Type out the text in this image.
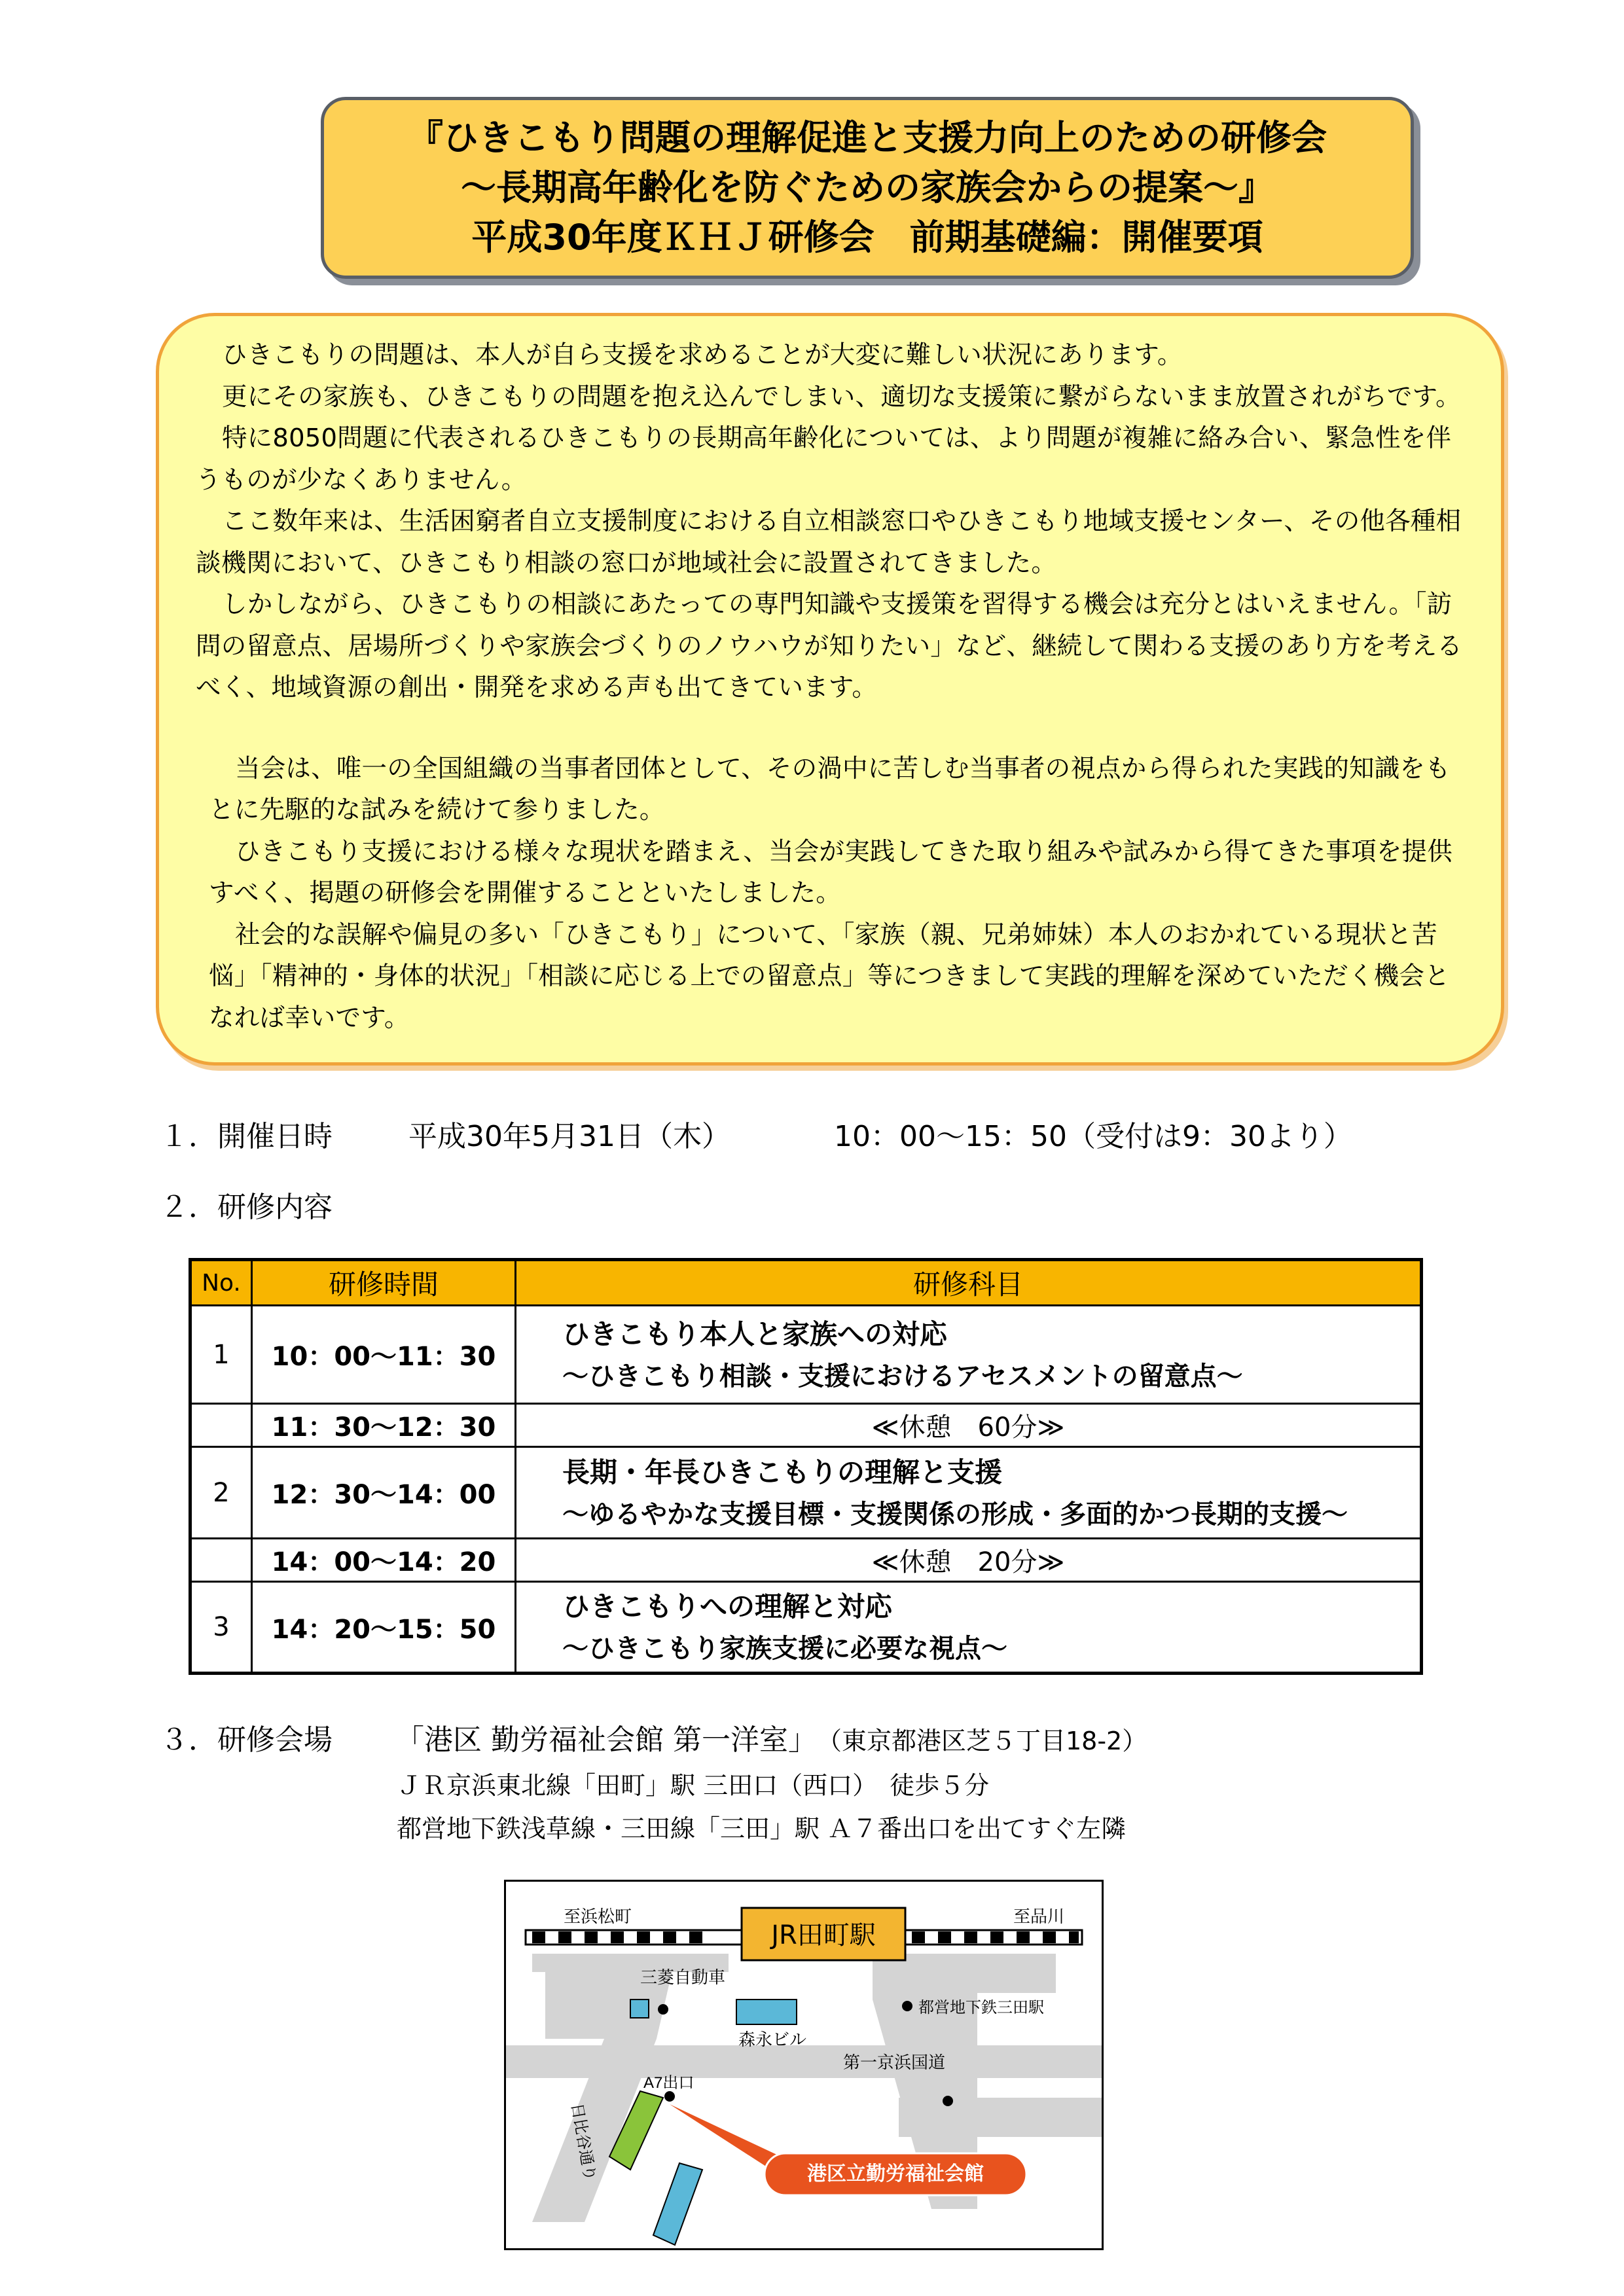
『ひきこもり問題の理解促進と支援力向上のための研修会
〜長期高年齢化を防ぐための家族会からの提案〜』
平成30年度ＫＨＪ研修会　前期基礎編：開催要項

ひきこもりの問題は、本人が自ら支援を求めることが大変に難しい状況にあります。

更にその家族も、ひきこもりの問題を抱え込んでしまい、適切な支援策に繋がらないまま放置されがちです。

特に8050問題に代表されるひきこもりの長期高年齢化については、より問題が複雑に絡み合い、緊急性を伴うものが少なくありません。

ここ数年来は、生活困窮者自立支援制度における自立相談窓口やひきこもり地域支援センター、その他各種相談機関において、ひきこもり相談の窓口が地域社会に設置されてきました。

しかしながら、ひきこもりの相談にあたっての専門知識や支援策を習得する機会は充分とはいえません。「訪問の留意点、居場所づくりや家族会づくりのノウハウが知りたい」など、継続して関わる支援のあり方を考えるべく、地域資源の創出・開発を求める声も出てきています。

当会は、唯一の全国組織の当事者団体として、その渦中に苦しむ当事者の視点から得られた実践的知識をもとに先駆的な試みを続けて参りました。

ひきこもり支援における様々な現状を踏まえ、当会が実践してきた取り組みや試みから得てきた事項を提供すべく、掲題の研修会を開催することといたしました。

社会的な誤解や偏見の多い「ひきこもり」について、「家族（親、兄弟姉妹）本人のおかれている現状と苦悩」「精神的・身体的状況」「相談に応じる上での留意点」等につきまして実践的理解を深めていただく機会となれば幸いです。

１．開催日時	平成30年5月31日（木）	10：00〜15：50（受付は9：30より）
２．研修内容
No.	研修時間	研修科目
1	10：00〜11：30	ひきこもり本人と家族への対応
〜ひきこもり相談・支援におけるアセスメントの留意点〜

	11：30〜12：30	≪休憩　60分≫
2	12：30〜14：00	長期・年長ひきこもりの理解と支援
〜ゆるやかな支援目標・支援関係の形成・多面的かつ長期的支援〜

	14：00〜14：20	≪休憩　20分≫
3	14：20〜15：50	ひきこもりへの理解と対応
〜ひきこもり家族支援に必要な視点〜
３．研修会場 「港区 勤労福祉会館 第一洋室」（東京都港区芝５丁目18-2）
ＪＲ京浜東北線「田町」駅 三田口（西口）　徒歩５分
都営地下鉄浅草線・三田線「三田」駅 Ａ７番出口を出てすぐ左隣
至浜松町	至品川
JR田町駅
三菱自動車
都営地下鉄三田駅
森永ビル
第一京浜国道
A7出口
日比谷通り	港区立勤労福祉会館
